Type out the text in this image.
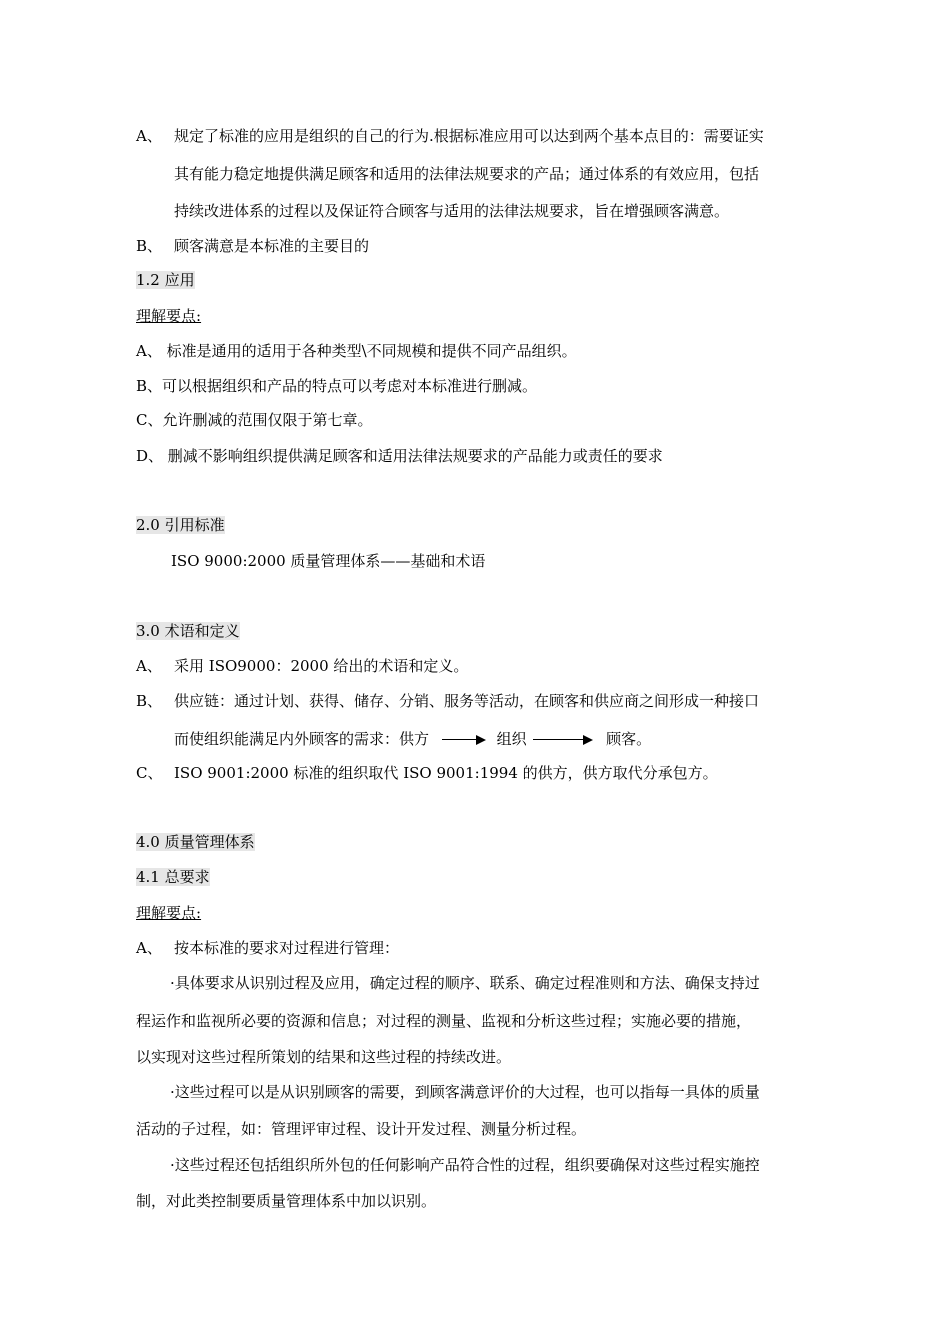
A、 规定了标准的应用是组织的自己的行为.根据标准应用可以达到两个基本点目的：需要证实
其有能力稳定地提供满足顾客和适用的法律法规要求的产品；通过体系的有效应用，包括
持续改进体系的过程以及保证符合顾客与适用的法律法规要求，旨在增强顾客满意。
B、 顾客满意是本标准的主要目的
1.2 应用
理解要点:
A、 标准是通用的适用于各种类型\不同规模和提供不同产品组织。
B、可以根据组织和产品的特点可以考虑对本标准进行删减。
C、允许删减的范围仅限于第七章。
D、 删减不影响组织提供满足顾客和适用法律法规要求的产品能力或责任的要求
2.0 引用标准
ISO 9000:2000 质量管理体系——基础和术语
3.0 术语和定义
A、 采用 ISO9000：2000 给出的术语和定义。
B、 供应链：通过计划、获得、储存、分销、服务等活动，在顾客和供应商之间形成一种接口
而使组织能满足内外顾客的需求：供方	组织	顾客。
C、 ISO 9001:2000 标准的组织取代 ISO 9001:1994 的供方，供方取代分承包方。
4.0 质量管理体系
4.1 总要求
理解要点:
A、 按本标准的要求对过程进行管理：
·具体要求从识别过程及应用，确定过程的顺序、联系、确定过程准则和方法、确保支持过
程运作和监视所必要的资源和信息；对过程的测量、监视和分析这些过程；实施必要的措施，
以实现对这些过程所策划的结果和这些过程的持续改进。
·这些过程可以是从识别顾客的需要，到顾客满意评价的大过程，也可以指每一具体的质量
活动的子过程，如：管理评审过程、设计开发过程、测量分析过程。
·这些过程还包括组织所外包的任何影响产品符合性的过程，组织要确保对这些过程实施控
制，对此类控制要质量管理体系中加以识别。
